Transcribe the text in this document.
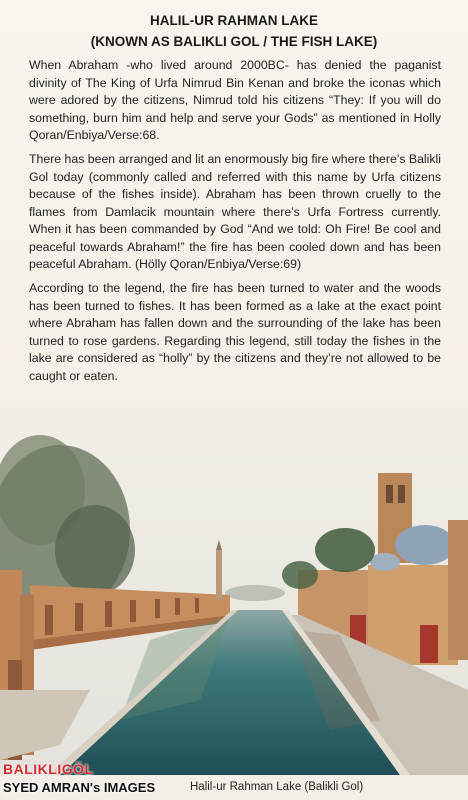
HALIL-UR RAHMAN LAKE
(KNOWN AS BALIKLI GOL / THE FISH LAKE)
When Abraham -who lived around 2000BC- has denied the paganist divinity of The King of Urfa Nimrud Bin Kenan and broke the iconas which were adored by the citizens, Nimrud told his citizens “They: If you will do something, burn him and help and serve your Gods” as mentioned in Holly Qoran/Enbiya/Verse:68.
There has been arranged and lit an enormously big fire where there’s Balikli Gol today (commonly called and referred with this name by Urfa citizens because of the fishes inside). Abraham has been thrown cruelly to the flames from Damlacik mountain where there’s Urfa Fortress currently. When it has been commanded by God “And we told: Oh Fire! Be cool and peaceful towards Abraham!” the fire has been cooled down and has been peaceful Abraham. (Hölly Qoran/Enbiya/Verse:69)
According to the legend, the fire has been turned to water and the woods has been turned to fishes. It has been formed as a lake at the exact point where Abraham has fallen down and the surrounding of the lake has been turned to rose gardens. Regarding this legend, still today the fishes in the lake are considered as “holly” by the citizens and they’re not allowed to be caught or eaten.
Halil-ur Rahman Lake (Balikli Gol)
BALIKLIGÖL
SYED AMRAN's IMAGES
